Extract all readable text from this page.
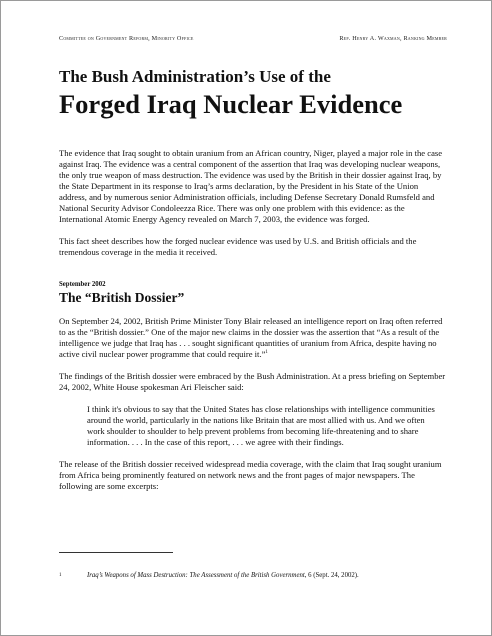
Committee on Government Reform, Minority Office	Rep. Henry A. Waxman, Ranking Member
The Bush Administration’s Use of the
Forged Iraq Nuclear Evidence

The evidence that Iraq sought to obtain uranium from an African country, Niger, played a major role in the case against Iraq. The evidence was a central component of the assertion that Iraq was developing nuclear weapons, the only true weapon of mass destruction. The evidence was used by the British in their dossier against Iraq, by the State Department in its response to Iraq’s arms declaration, by the President in his State of the Union address, and by numerous senior Administration officials, including Defense Secretary Donald Rumsfeld and National Security Advisor Condoleezza Rice. There was only one problem with this evidence: as the International Atomic Energy Agency revealed on March 7, 2003, the evidence was forged.

This fact sheet describes how the forged nuclear evidence was used by U.S. and British officials and the tremendous coverage in the media it received.

September 2002
The “British Dossier”

On September 24, 2002, British Prime Minister Tony Blair released an intelligence report on Iraq often referred to as the “British dossier.” One of the major new claims in the dossier was the assertion that “As a result of the intelligence we judge that Iraq has . . . sought significant quantities of uranium from Africa, despite having no active civil nuclear power programme that could require it.”$^1$

The findings of the British dossier were embraced by the Bush Administration. At a press briefing on September 24, 2002, White House spokesman Ari Fleischer said:

I think it's obvious to say that the United States has close relationships with intelligence communities around the world, particularly in the nations like Britain that are most allied with us. And we often work shoulder to shoulder to help prevent problems from becoming life-threatening and to share information. . . . In the case of this report, . . . we agree with their findings.

The release of the British dossier received widespread media coverage, with the claim that Iraq sought uranium from Africa being prominently featured on network news and the front pages of major newspapers. The following are some excerpts:

1	Iraq’s Weapons of Mass Destruction: The Assessment of the British Government, 6 (Sept. 24, 2002).
